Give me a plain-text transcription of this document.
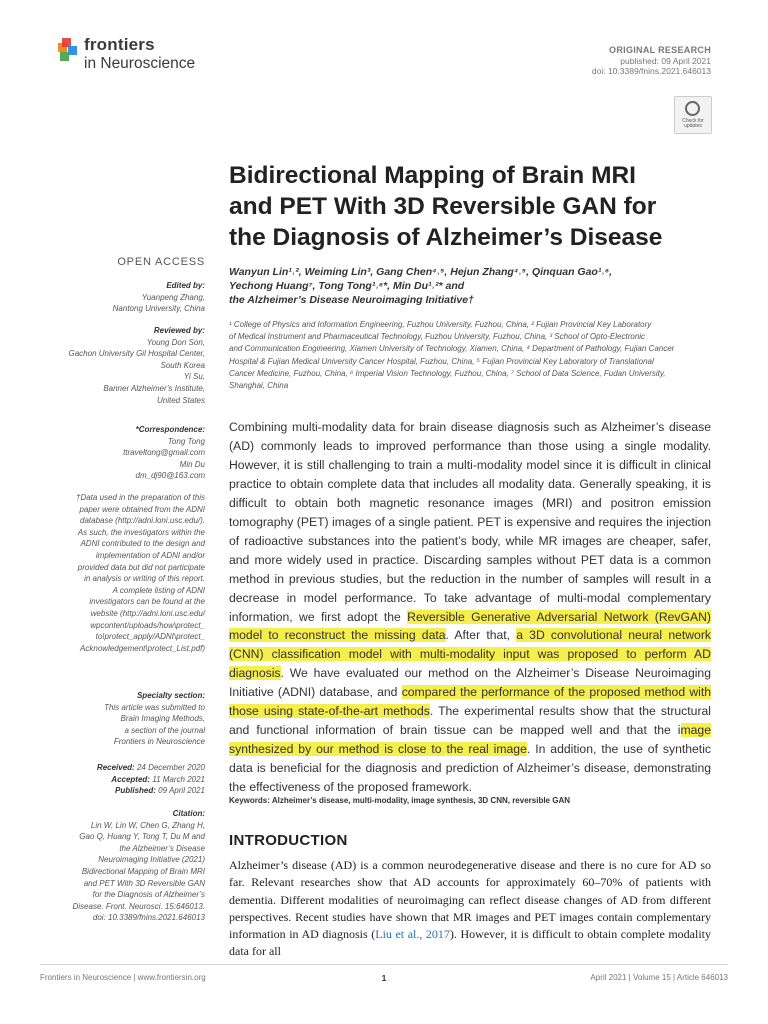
frontiers
in Neuroscience
ORIGINAL RESEARCH
published: 09 April 2021
doi: 10.3389/fnins.2021.646013
Check for updates
Bidirectional Mapping of Brain MRI
and PET With 3D Reversible GAN for
the Diagnosis of Alzheimer’s Disease
Wanyun Lin¹˒², Weiming Lin³, Gang Chen⁴˒⁵, Hejun Zhang⁴˒⁵, Qinquan Gao¹˒⁶,
Yechong Huang⁷, Tong Tong¹˒⁶*, Min Du¹˒²* and
the Alzheimer’s Disease Neuroimaging Initiative†
¹ College of Physics and Information Engineering, Fuzhou University, Fuzhou, China, ² Fujian Provincial Key Laboratory
of Medical Instrument and Pharmaceutical Technology, Fuzhou University, Fuzhou, China, ³ School of Opto-Electronic
and Communication Engineering, Xiamen University of Technology, Xiamen, China, ⁴ Department of Pathology, Fujian Cancer
Hospital & Fujian Medical University Cancer Hospital, Fuzhou, China, ⁵ Fujian Provincial Key Laboratory of Translational
Cancer Medicine, Fuzhou, China, ⁶ Imperial Vision Technology, Fuzhou, China, ⁷ School of Data Science, Fudan University,
Shanghai, China
Combining multi-modality data for brain disease diagnosis such as Alzheimer’s disease (AD) commonly leads to improved performance than those using a single modality. However, it is still challenging to train a multi-modality model since it is difficult in clinical practice to obtain complete data that includes all modality data. Generally speaking, it is difficult to obtain both magnetic resonance images (MRI) and positron emission tomography (PET) images of a single patient. PET is expensive and requires the injection of radioactive substances into the patient’s body, while MR images are cheaper, safer, and more widely used in practice. Discarding samples without PET data is a common method in previous studies, but the reduction in the number of samples will result in a decrease in model performance. To take advantage of multi-modal complementary information, we first adopt the Reversible Generative Adversarial Network (RevGAN) model to reconstruct the missing data. After that, a 3D convolutional neural network (CNN) classification model with multi-modality input was proposed to perform AD diagnosis. We have evaluated our method on the Alzheimer’s Disease Neuroimaging Initiative (ADNI) database, and compared the performance of the proposed method with those using state-of-the-art methods. The experimental results show that the structural and functional information of brain tissue can be mapped well and that the image synthesized by our method is close to the real image. In addition, the use of synthetic data is beneficial for the diagnosis and prediction of Alzheimer’s disease, demonstrating the effectiveness of the proposed framework.
Keywords: Alzheimer’s disease, multi-modality, image synthesis, 3D CNN, reversible GAN
INTRODUCTION
Alzheimer’s disease (AD) is a common neurodegenerative disease and there is no cure for AD so far. Relevant researches show that AD accounts for approximately 60–70% of patients with dementia. Different modalities of neuroimaging can reflect disease changes of AD from different perspectives. Recent studies have shown that MR images and PET images contain complementary information in AD diagnosis (Liu et al., 2017). However, it is difficult to obtain complete modality data for all
OPEN ACCESS
Edited by:
Yuanpeng Zhang,
Nantong University, China
Reviewed by:
Young Don Son,
Gachon University Gil Hospital Center,
South Korea
Yi Su,
Banner Alzheimer’s Institute,
United States
*Correspondence:
Tong Tong
ttraveltong@gmail.com
Min Du
dm_dj90@163.com
†Data used in the preparation of this
paper were obtained from the ADNI
database (http://adni.loni.usc.edu/).
As such, the investigators within the
ADNI contributed to the design and
implementation of ADNI and/or
provided data but did not participate
in analysis or writing of this report.
A complete listing of ADNI
investigators can be found at the
website (http://adni.loni.usc.edu/
wpcontent/uploads/how\protect_
to\protect_apply/ADNI\protect_
Acknowledgement\protect_List.pdf)
Specialty section:
This article was submitted to
Brain Imaging Methods,
a section of the journal
Frontiers in Neuroscience
Received: 24 December 2020
Accepted: 11 March 2021
Published: 09 April 2021
Citation:
Lin W, Lin W, Chen G, Zhang H,
Gao Q, Huang Y, Tong T, Du M and
the Alzheimer’s Disease
Neuroimaging Initiative (2021)
Bidirectional Mapping of Brain MRI
and PET With 3D Reversible GAN
for the Diagnosis of Alzheimer’s
Disease. Front. Neurosci. 15:646013.
doi: 10.3389/fnins.2021.646013
Frontiers in Neuroscience | www.frontiersin.org	1	April 2021 | Volume 15 | Article 646013
